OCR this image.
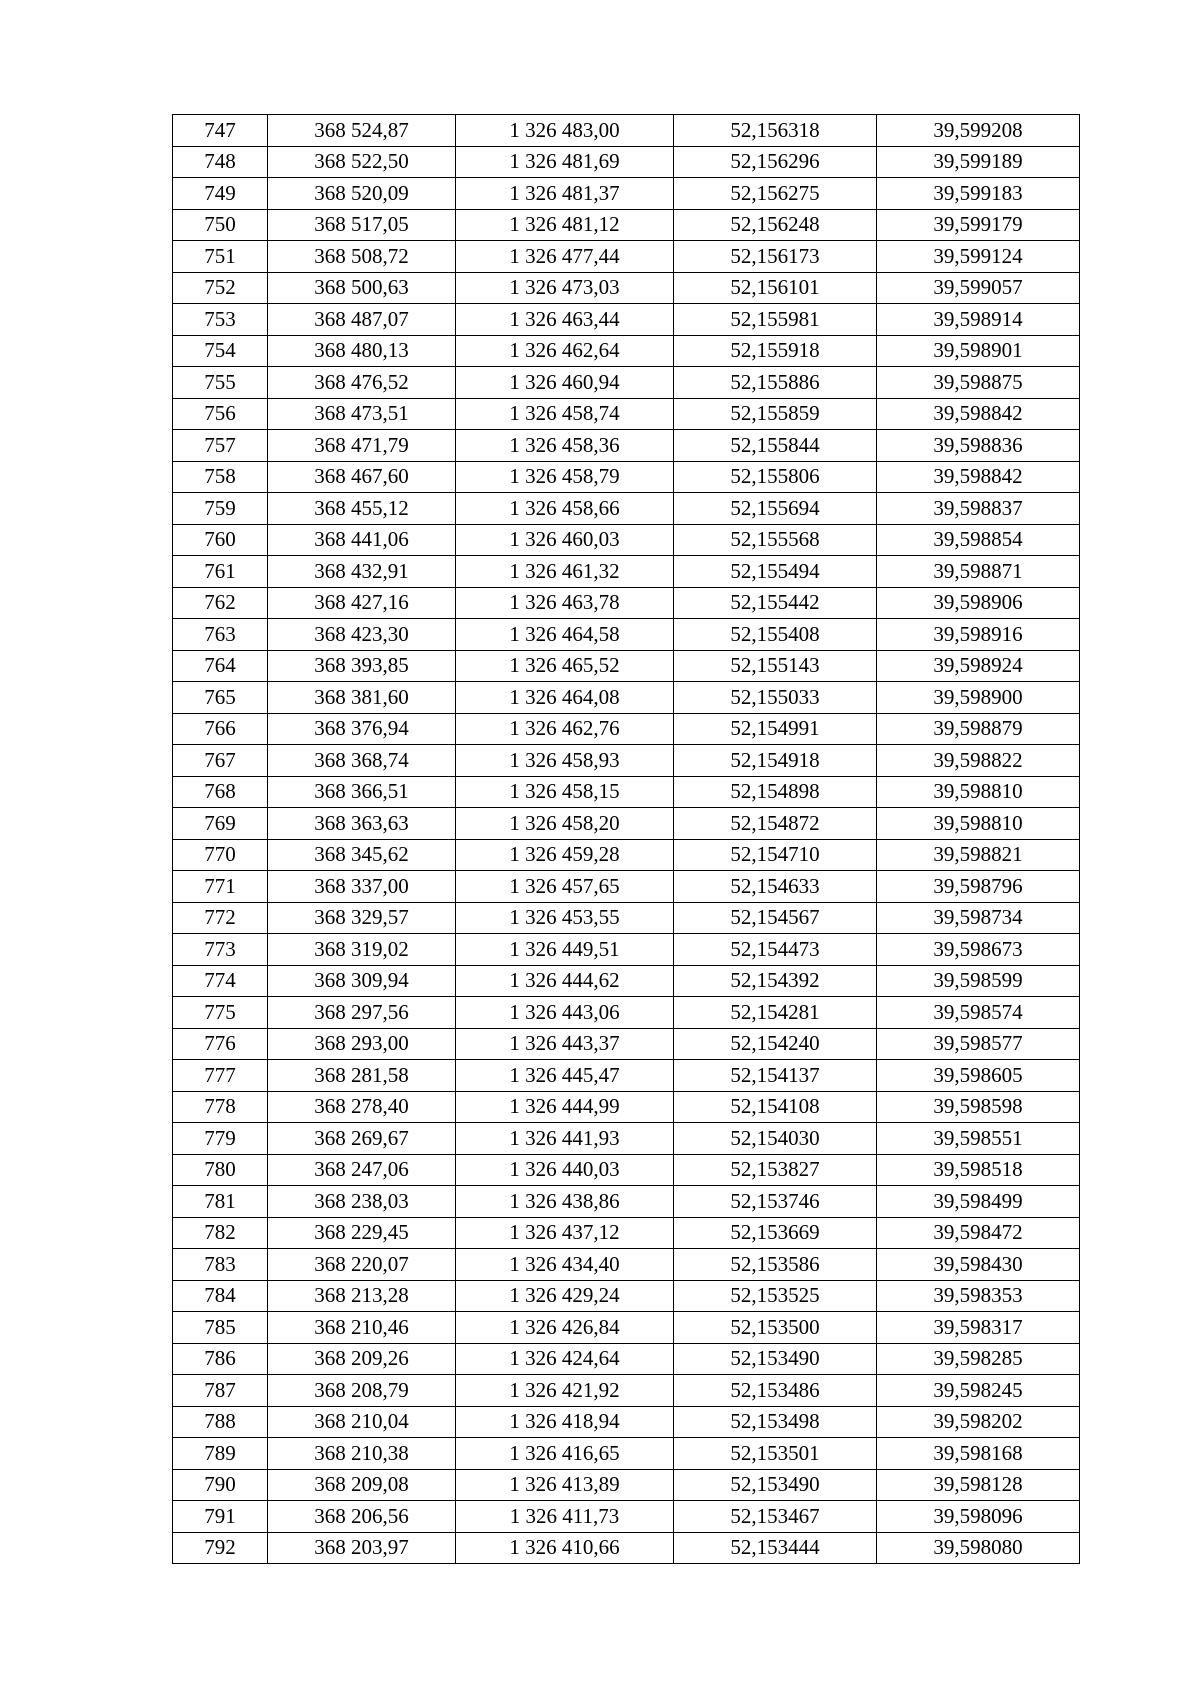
747	368 524,87	1 326 483,00	52,156318	39,599208
748	368 522,50	1 326 481,69	52,156296	39,599189
749	368 520,09	1 326 481,37	52,156275	39,599183
750	368 517,05	1 326 481,12	52,156248	39,599179
751	368 508,72	1 326 477,44	52,156173	39,599124
752	368 500,63	1 326 473,03	52,156101	39,599057
753	368 487,07	1 326 463,44	52,155981	39,598914
754	368 480,13	1 326 462,64	52,155918	39,598901
755	368 476,52	1 326 460,94	52,155886	39,598875
756	368 473,51	1 326 458,74	52,155859	39,598842
757	368 471,79	1 326 458,36	52,155844	39,598836
758	368 467,60	1 326 458,79	52,155806	39,598842
759	368 455,12	1 326 458,66	52,155694	39,598837
760	368 441,06	1 326 460,03	52,155568	39,598854
761	368 432,91	1 326 461,32	52,155494	39,598871
762	368 427,16	1 326 463,78	52,155442	39,598906
763	368 423,30	1 326 464,58	52,155408	39,598916
764	368 393,85	1 326 465,52	52,155143	39,598924
765	368 381,60	1 326 464,08	52,155033	39,598900
766	368 376,94	1 326 462,76	52,154991	39,598879
767	368 368,74	1 326 458,93	52,154918	39,598822
768	368 366,51	1 326 458,15	52,154898	39,598810
769	368 363,63	1 326 458,20	52,154872	39,598810
770	368 345,62	1 326 459,28	52,154710	39,598821
771	368 337,00	1 326 457,65	52,154633	39,598796
772	368 329,57	1 326 453,55	52,154567	39,598734
773	368 319,02	1 326 449,51	52,154473	39,598673
774	368 309,94	1 326 444,62	52,154392	39,598599
775	368 297,56	1 326 443,06	52,154281	39,598574
776	368 293,00	1 326 443,37	52,154240	39,598577
777	368 281,58	1 326 445,47	52,154137	39,598605
778	368 278,40	1 326 444,99	52,154108	39,598598
779	368 269,67	1 326 441,93	52,154030	39,598551
780	368 247,06	1 326 440,03	52,153827	39,598518
781	368 238,03	1 326 438,86	52,153746	39,598499
782	368 229,45	1 326 437,12	52,153669	39,598472
783	368 220,07	1 326 434,40	52,153586	39,598430
784	368 213,28	1 326 429,24	52,153525	39,598353
785	368 210,46	1 326 426,84	52,153500	39,598317
786	368 209,26	1 326 424,64	52,153490	39,598285
787	368 208,79	1 326 421,92	52,153486	39,598245
788	368 210,04	1 326 418,94	52,153498	39,598202
789	368 210,38	1 326 416,65	52,153501	39,598168
790	368 209,08	1 326 413,89	52,153490	39,598128
791	368 206,56	1 326 411,73	52,153467	39,598096
792	368 203,97	1 326 410,66	52,153444	39,598080
